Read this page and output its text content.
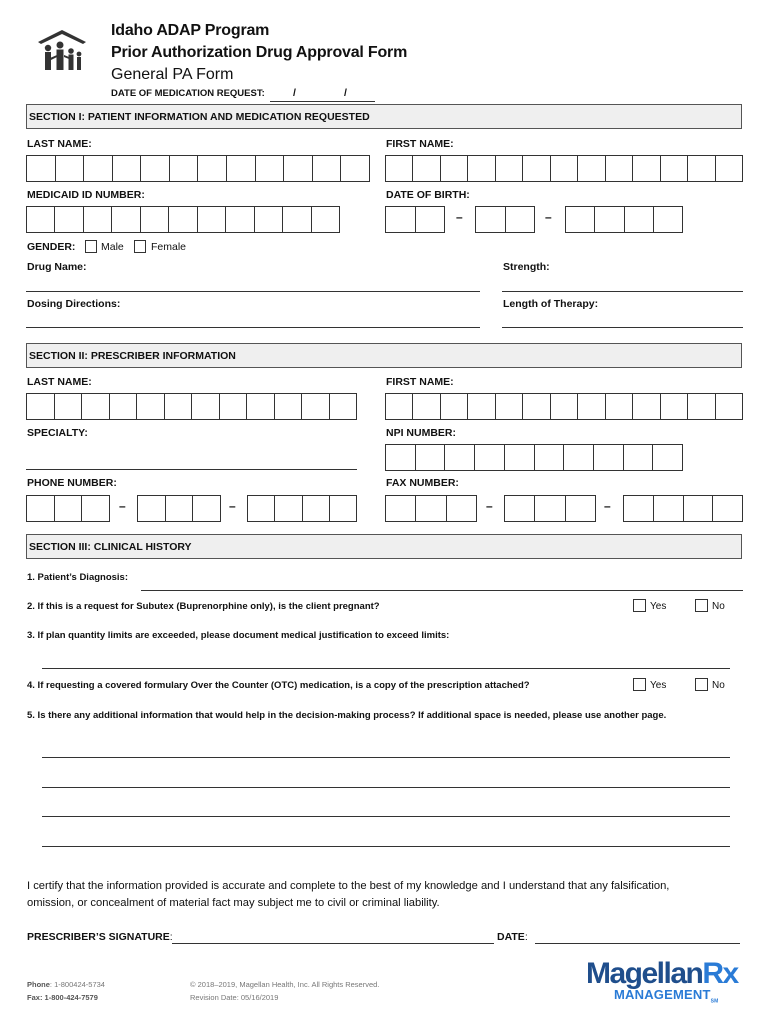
Idaho ADAP Program
Prior Authorization Drug Approval Form
General PA Form
DATE OF MEDICATION REQUEST:	/	/
SECTION I: PATIENT INFORMATION AND MEDICATION REQUESTED
LAST NAME:	FIRST NAME:
MEDICAID ID NUMBER:	DATE OF BIRTH:
–	–
GENDER: Male	Female
Drug Name:	Strength:
Dosing Directions:	Length of Therapy:
SECTION II: PRESCRIBER INFORMATION
LAST NAME:	FIRST NAME:
SPECIALTY:	NPI NUMBER:
PHONE NUMBER:	FAX NUMBER:
–	–	–	–
SECTION III: CLINICAL HISTORY
1. Patient’s Diagnosis:
2. If this is a request for Subutex (Buprenorphine only), is the client pregnant?	Yes	No
3. If plan quantity limits are exceeded, please document medical justification to exceed limits:
4. If requesting a covered formulary Over the Counter (OTC) medication, is a copy of the prescription attached?	Yes	No
5. Is there any additional information that would help in the decision-making process? If additional space is needed, please use another page.
I certify that the information provided is accurate and complete to the best of my knowledge and I understand that any falsification,
omission, or concealment of material fact may subject me to civil or criminal liability.
PRESCRIBER’S SIGNATURE:	DATE:
Phone: 1-800424-5734
Fax: 1-800-424-7579
© 2018–2019, Magellan Health, Inc. All Rights Reserved.
Revision Date: 05/16/2019
MagellanRx
$MANAGEMENT_{SM}$
